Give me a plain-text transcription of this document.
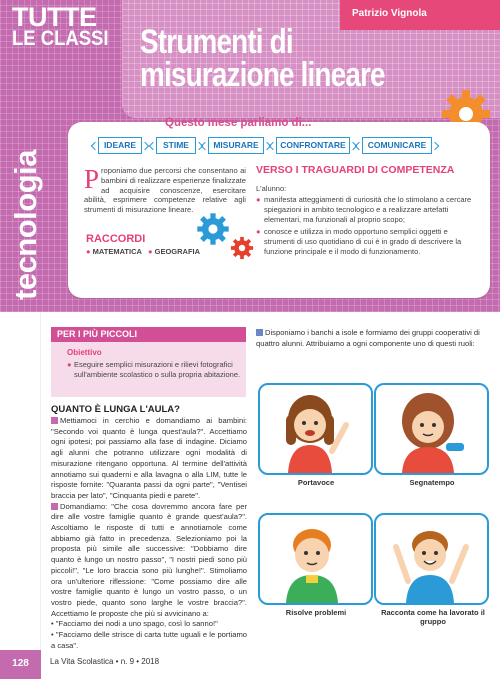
Patrizio Vignola
TUTTE
LE CLASSI Strumenti di
misurazione lineare
tecnologia
Questo mese parliamo di...
IDEARE	STIME	MISURARE	CONFRONTARE	COMUNICARE
Proponiamo due percorsi che consentano ai bambini di realizzare esperienze finalizzate ad acquisire conoscenze, esercitare abilità, esprimere competenze relative agli strumenti di misurazione lineare.
RACCORDI
● MATEMATICA ● GEOGRAFIA
VERSO I TRAGUARDI DI COMPETENZA
L'alunno:
● manifesta atteggiamenti di curiosità che lo stimolano a cercare spiegazioni in ambito tecnologico e a realizzare artefatti elementari, ma funzionali al proprio scopo;
● conosce e utilizza in modo opportuno semplici oggetti e strumenti di uso quotidiano di cui è in grado di descrivere la funzione principale e il modo di funzionamento.
PER I PIÙ PICCOLI
Obiettivo
● Eseguire semplici misurazioni e rilievi fotografici sull'ambiente scolastico o sulla propria abitazione.
QUANTO È LUNGA L'AULA?

Mettiamoci in cerchio e domandiamo ai bambini: "Secondo voi quanto è lunga quest'aula?". Accettiamo ogni ipotesi; poi passiamo alla fase di indagine. Diciamo agli alunni che potranno utilizzare ogni modalità di misurazione ritengano opportuna. Al termine dell'attività annotiamo sui quaderni e alla lavagna o alla LIM, tutte le risposte fornite: "Quaranta passi da ogni parte", "Ventisei braccia per lato", "Cinquanta piedi e parete".

Domandiamo: "Che cosa dovremmo ancora fare per dire alle vostre famiglie quanto è grande quest'aula?". Ascoltiamo le risposte di tutti e annotiamole come abbiamo già fatto in precedenza. Selezioniamo poi la proposta più simile alle successive: "Dobbiamo dire quanto è lungo un nostro passo", "I nostri piedi sono più piccoli!", "Le loro braccia sono più lunghe!". Stimoliamo ora un'ulteriore riflessione: "Come possiamo dire alle vostre famiglie quanto è lungo un vostro passo, o un vostro piede, quanto sono larghe le vostre braccia?". Accettiamo le proposte che più si avvicinano a:

• "Facciamo dei nodi a uno spago, così lo sanno!"

• "Facciamo delle strisce di carta tutte uguali e le portiamo a casa".

Disponiamo i banchi a isole e formiamo dei gruppi cooperativi di quattro alunni. Attribuiamo a ogni componente uno di questi ruoli:
Portavoce	Segnatempo
Risolve problemi	Racconta come ha lavorato il gruppo
128	La Vita Scolastica • n. 9 • 2018
